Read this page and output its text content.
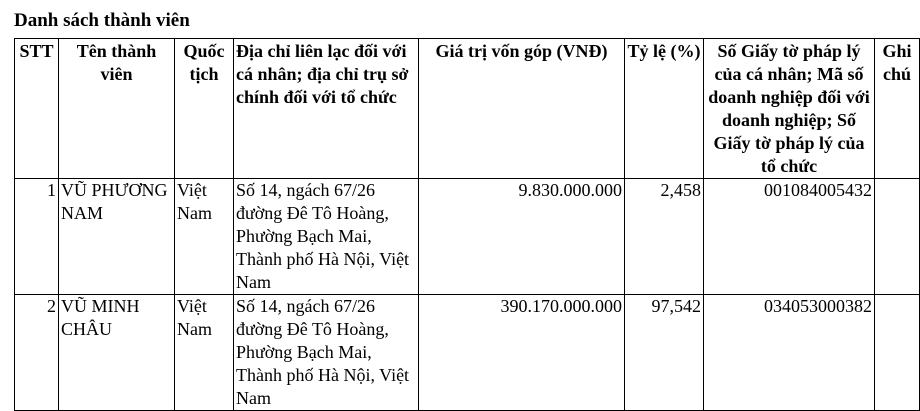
Danh sách thành viên
STT	Tên thành viên	Quốc tịch	Địa chỉ liên lạc đối với cá nhân; địa chỉ trụ sở chính đối với tổ chức	Giá trị vốn góp (VNĐ)	Tỷ lệ (%)	Số Giấy tờ pháp lý của cá nhân; Mã số doanh nghiệp đối với doanh nghiệp; Số Giấy tờ pháp lý của tổ chức	Ghi chú
1	VŨ PHƯƠNG NAM	Việt Nam	Số 14, ngách 67/26 đường Đê Tô Hoàng, Phường Bạch Mai, Thành phố Hà Nội, Việt Nam	9.830.000.000	2,458	001084005432	
2	VŨ MINH CHÂU	Việt Nam	Số 14, ngách 67/26 đường Đê Tô Hoàng, Phường Bạch Mai, Thành phố Hà Nội, Việt Nam	390.170.000.000	97,542	034053000382	
